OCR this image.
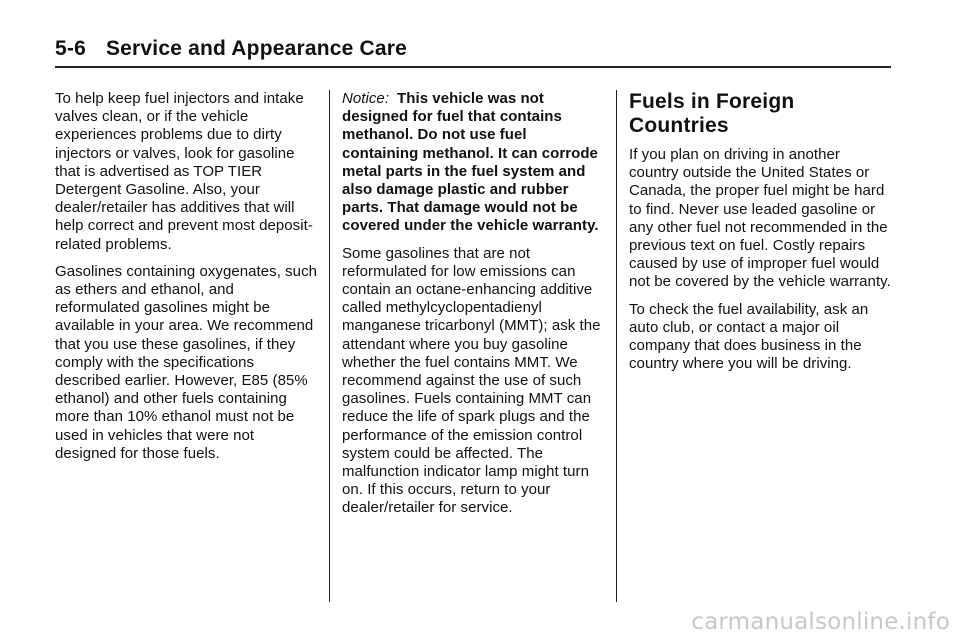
5-6 Service and Appearance Care

To help keep fuel injectors and intake valves clean, or if the vehicle experiences problems due to dirty injectors or valves, look for gasoline that is advertised as TOP TIER Detergent Gasoline. Also, your dealer/retailer has additives that will help correct and prevent most deposit-related problems.

Gasolines containing oxygenates, such as ethers and ethanol, and reformulated gasolines might be available in your area. We recommend that you use these gasolines, if they comply with the specifications described earlier. However, E85 (85% ethanol) and other fuels containing more than 10% ethanol must not be used in vehicles that were not designed for those fuels.

Notice: This vehicle was not designed for fuel that contains methanol. Do not use fuel containing methanol. It can corrode metal parts in the fuel system and also damage plastic and rubber parts. That damage would not be covered under the vehicle warranty.

Some gasolines that are not reformulated for low emissions can contain an octane-enhancing additive called methylcyclopentadienyl manganese tricarbonyl (MMT); ask the attendant where you buy gasoline whether the fuel contains MMT. We recommend against the use of such gasolines. Fuels containing MMT can reduce the life of spark plugs and the performance of the emission control system could be affected. The malfunction indicator lamp might turn on. If this occurs, return to your dealer/retailer for service.

Fuels in Foreign Countries

If you plan on driving in another country outside the United States or Canada, the proper fuel might be hard to find. Never use leaded gasoline or any other fuel not recommended in the previous text on fuel. Costly repairs caused by use of improper fuel would not be covered by the vehicle warranty.

To check the fuel availability, ask an auto club, or contact a major oil company that does business in the country where you will be driving.

carmanualsonline.info
